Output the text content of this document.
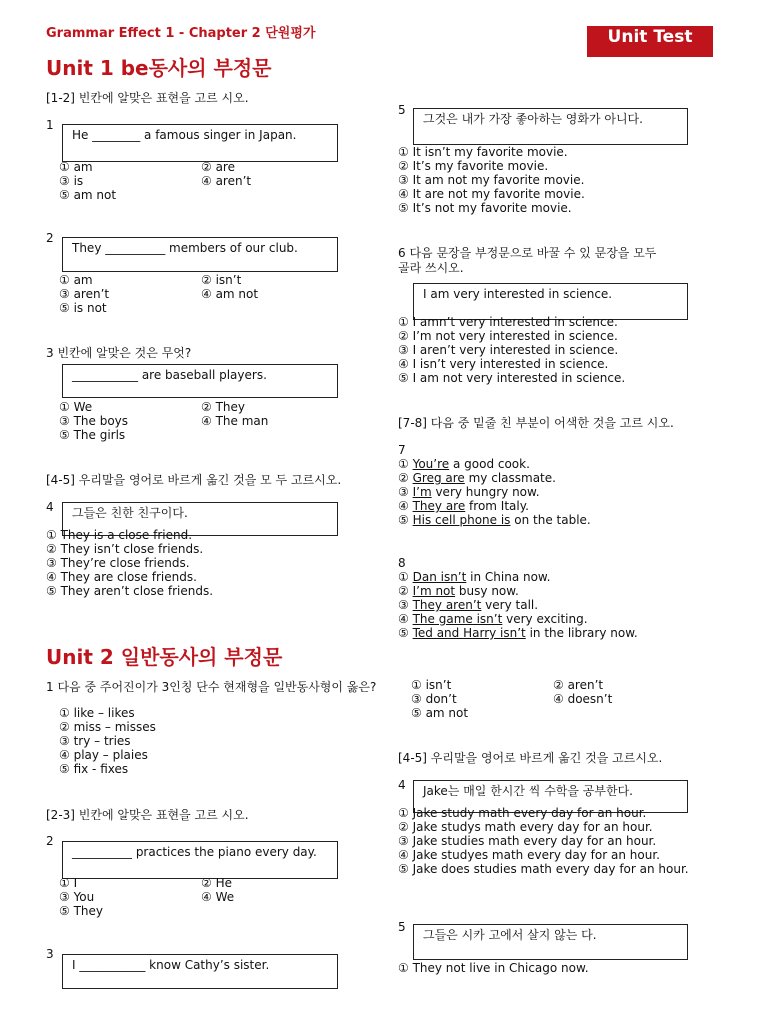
Grammar Effect 1 - Chapter 2 단원평가	Unit Test
Unit 1 be동사의 부정문
[1-2] 빈칸에 알맞은 표현을 고르 시오.
1
He ________ a famous singer in Japan.
① am	② are
③ is	④ aren’t
⑤ am not
2
They __________ members of our club.
① am	② isn’t
③ aren’t	④ am not
⑤ is not
3 빈칸에 알맞은 것은 무엇?
___________ are baseball players.
① We	② They
③ The boys	④ The man
⑤ The girls
[4-5] 우리말을 영어로 바르게 옮긴 것을 모 두 고르시오.
4	그들은 친한 친구이다.
① They is a close friend.
② They isn’t close friends.
③ They’re close friends.
④ They are close friends.
⑤ They aren’t close friends.
5
그것은 내가 가장 좋아하는 영화가 아니다.
① It isn’t my favorite movie.
② It’s my favorite movie.
③ It am not my favorite movie.
④ It are not my favorite movie.
⑤ It’s not my favorite movie.
6 다음 문장을 부정문으로 바꿀 수 있 문장을 모두
골라 쓰시오.
I am very interested in science.
① I amn’t very interested in science.
② I’m not very interested in science.
③ I aren’t very interested in science.
④ I isn’t very interested in science.
⑤ I am not very interested in science.
[7-8] 다음 중 밑줄 친 부분이 어색한 것을 고르 시오.
7
① You’re a good cook.
② Greg are my classmate.
③ I’m very hungry now.
④ They are from Italy.
⑤ His cell phone is on the table.
8
① Dan isn’t in China now.
② I’m not busy now.
③ They aren’t very tall.
④ The game isn’t very exciting.
⑤ Ted and Harry isn’t in the library now.
Unit 2 일반동사의 부정문
1 다음 중 주어진이가 3인칭 단수 현재형을 일반동사형이 옳은?
① like – likes
② miss – misses
③ try – tries
④ play – plaies
⑤ fix - fixes
[2-3] 빈칸에 알맞은 표현을 고르 시오.
2
__________ practices the piano every day.
① I	② He
③ You	④ We
⑤ They
3
I ___________ know Cathy’s sister.
① isn’t	② aren’t
③ don’t	④ doesn’t
⑤ am not
[4-5] 우리말을 영어로 바르게 옮긴 것을 고르시오.
4	Jake는 매일 한시간 씩 수학을 공부한다.
① Jake study math every day for an hour.
② Jake studys math every day for an hour.
③ Jake studies math every day for an hour.
④ Jake studyes math every day for an hour.
⑤ Jake does studies math every day for an hour.
5
그들은 시카 고에서 살지 않는 다.
① They not live in Chicago now.
